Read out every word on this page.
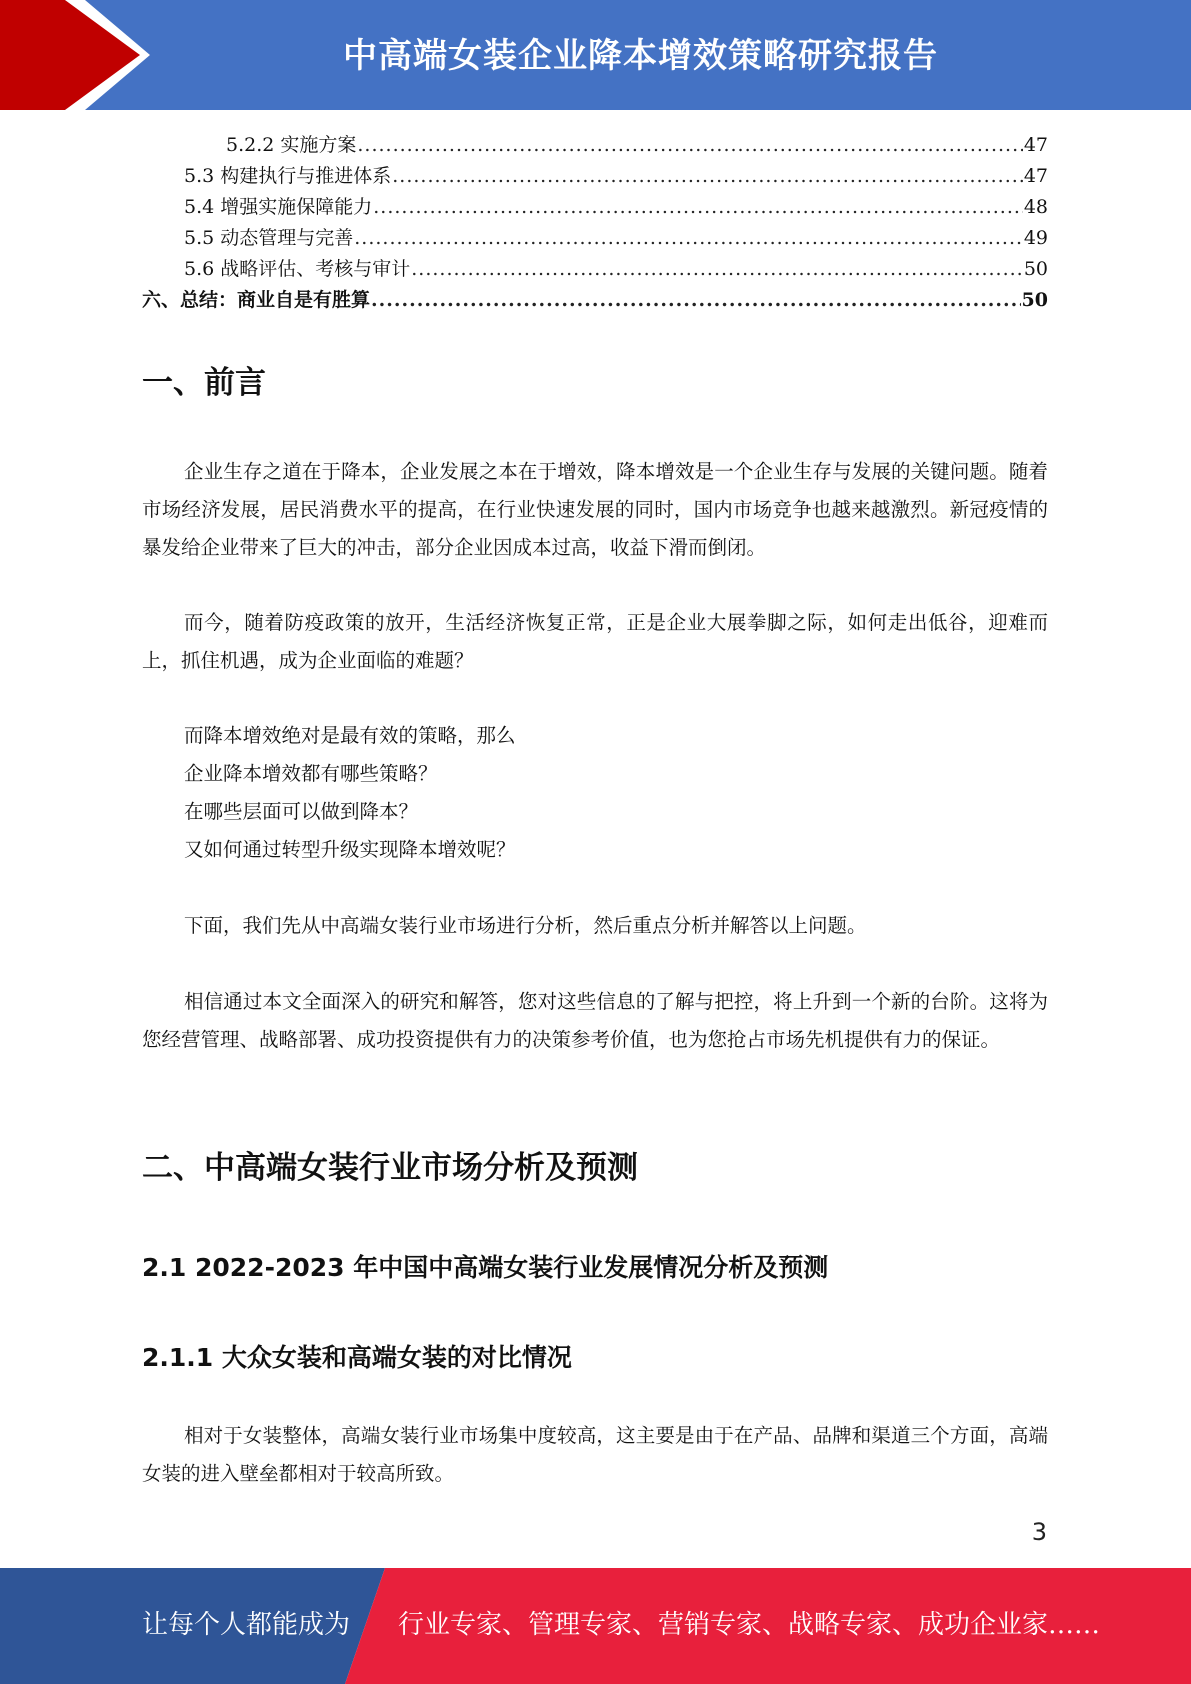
中高端女装企业降本增效策略研究报告
5.2.2 实施方案 .....	47
5.3 构建执行与推进体系 .....	47
5.4 增强实施保障能力 .....	48
5.5 动态管理与完善 .....	49
5.6 战略评估、考核与审计 .....	50
六、总结：商业自是有胜算 .....	50
一、前言

企业生存之道在于降本，企业发展之本在于增效，降本增效是一个企业生存与发展的关键问题。随着市场经济发展，居民消费水平的提高，在行业快速发展的同时，国内市场竞争也越来越激烈。新冠疫情的暴发给企业带来了巨大的冲击，部分企业因成本过高，收益下滑而倒闭。

而今，随着防疫政策的放开，生活经济恢复正常，正是企业大展拳脚之际，如何走出低谷，迎难而上，抓住机遇，成为企业面临的难题？

而降本增效绝对是最有效的策略，那么
企业降本增效都有哪些策略？
在哪些层面可以做到降本？
又如何通过转型升级实现降本增效呢？

下面，我们先从中高端女装行业市场进行分析，然后重点分析并解答以上问题。

相信通过本文全面深入的研究和解答，您对这些信息的了解与把控，将上升到一个新的台阶。这将为您经营管理、战略部署、成功投资提供有力的决策参考价值，也为您抢占市场先机提供有力的保证。

二、中高端女装行业市场分析及预测
2.1 2022-2023 年中国中高端女装行业发展情况分析及预测
2.1.1 大众女装和高端女装的对比情况

相对于女装整体，高端女装行业市场集中度较高，这主要是由于在产品、品牌和渠道三个方面，高端女装的进入壁垒都相对于较高所致。

3
让每个人都能成为 行业专家、管理专家、营销专家、战略专家、成功企业家……
